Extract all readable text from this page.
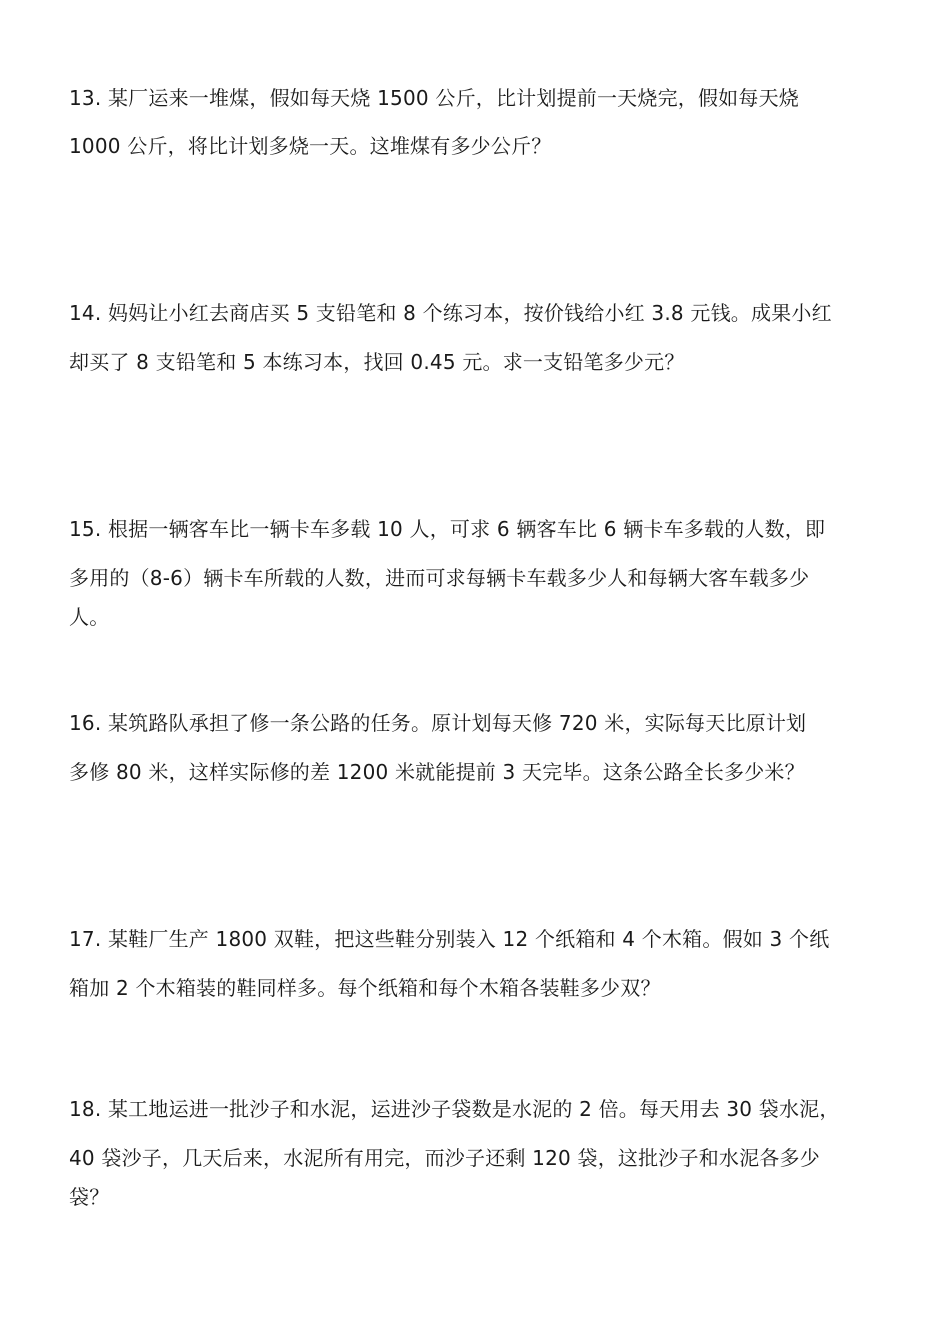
13. 某厂运来一堆煤，假如每天烧 1500 公斤，比计划提前一天烧完，假如每天烧
1000 公斤，将比计划多烧一天。这堆煤有多少公斤？
14. 妈妈让小红去商店买 5 支铅笔和 8 个练习本，按价钱给小红 3.8 元钱。成果小红
却买了 8 支铅笔和 5 本练习本，找回 0.45 元。求一支铅笔多少元？
15. 根据一辆客车比一辆卡车多载 10 人，可求 6 辆客车比 6 辆卡车多载的人数，即
多用的（8-6）辆卡车所载的人数，进而可求每辆卡车载多少人和每辆大客车载多少
人。
16. 某筑路队承担了修一条公路的任务。原计划每天修 720 米，实际每天比原计划
多修 80 米，这样实际修的差 1200 米就能提前 3 天完毕。这条公路全长多少米？
17. 某鞋厂生产 1800 双鞋，把这些鞋分别装入 12 个纸箱和 4 个木箱。假如 3 个纸
箱加 2 个木箱装的鞋同样多。每个纸箱和每个木箱各装鞋多少双？
18. 某工地运进一批沙子和水泥，运进沙子袋数是水泥的 2 倍。每天用去 30 袋水泥，
40 袋沙子，几天后来，水泥所有用完，而沙子还剩 120 袋，这批沙子和水泥各多少
袋？
